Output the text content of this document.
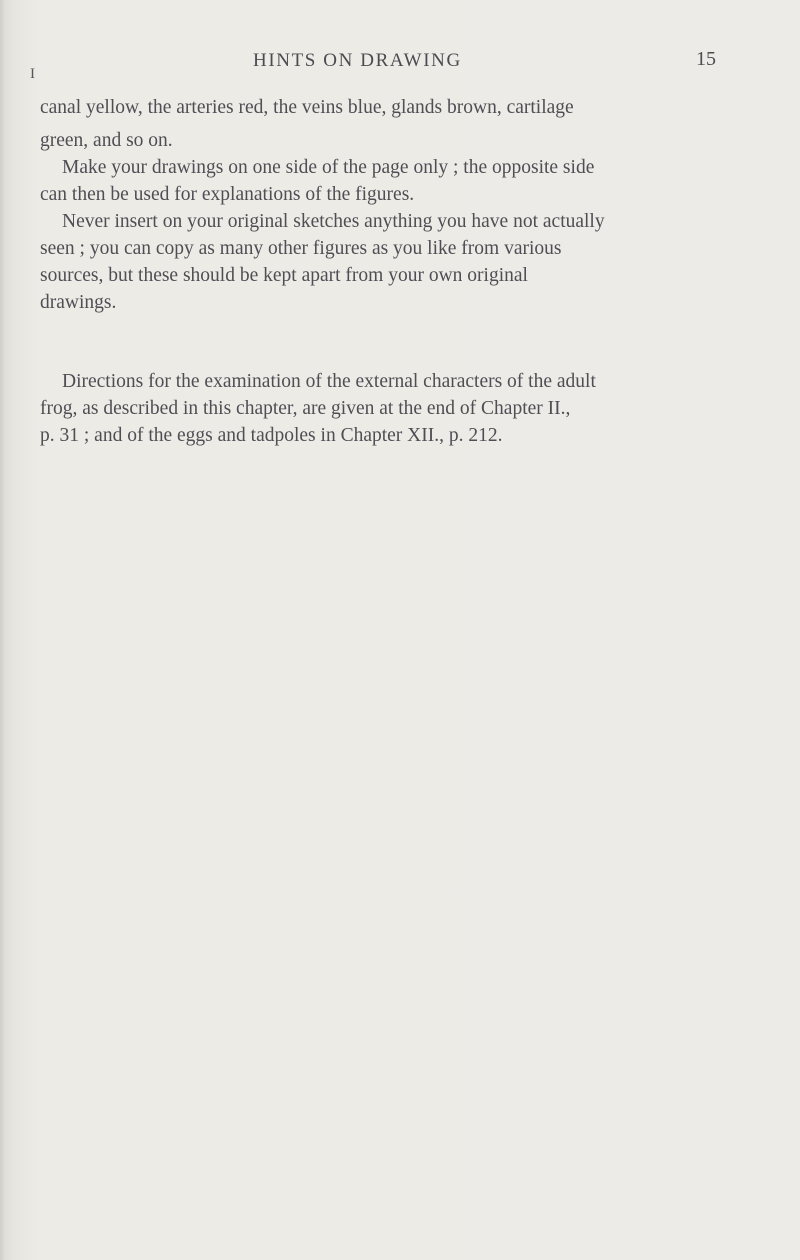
I
HINTS ON DRAWING	15
canal yellow, the arteries red, the veins blue, glands brown, cartilage
green, and so on.
Make your drawings on one side of the page only ; the opposite side
can then be used for explanations of the figures.
Never insert on your original sketches anything you have not actually
seen ; you can copy as many other figures as you like from various
sources, but these should be kept apart from your own original
drawings.
Directions for the examination of the external characters of the adult
frog, as described in this chapter, are given at the end of Chapter II.,
p. 31 ; and of the eggs and tadpoles in Chapter XII., p. 212.
